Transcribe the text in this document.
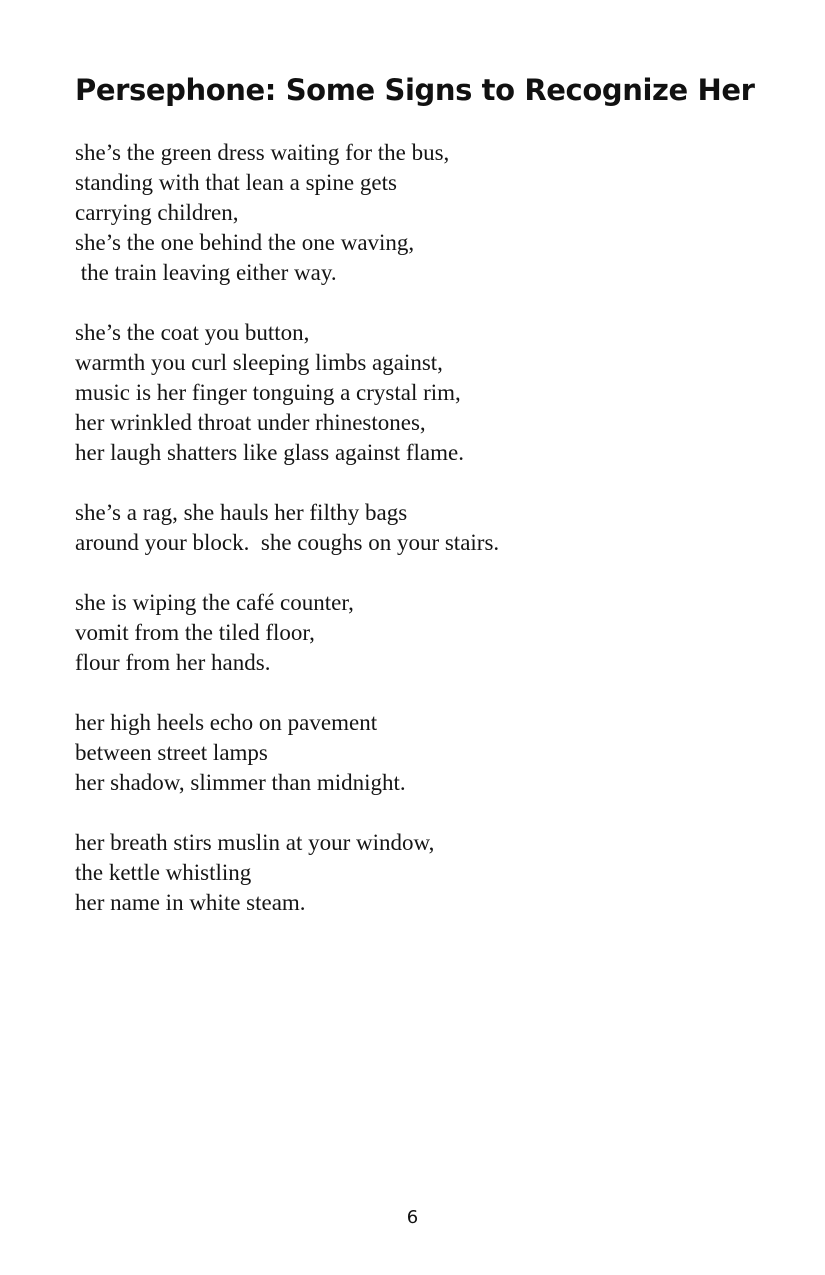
Persephone: Some Signs to Recognize Her
she’s the green dress waiting for the bus,
standing with that lean a spine gets
carrying children,
she’s the one behind the one waving,
the train leaving either way.
she’s the coat you button,
warmth you curl sleeping limbs against,
music is her finger tonguing a crystal rim,
her wrinkled throat under rhinestones,
her laugh shatters like glass against flame.
she’s a rag, she hauls her filthy bags
around your block.  she coughs on your stairs.
she is wiping the café counter,
vomit from the tiled floor,
flour from her hands.
her high heels echo on pavement
between street lamps
her shadow, slimmer than midnight.
her breath stirs muslin at your window,
the kettle whistling
her name in white steam.
6
